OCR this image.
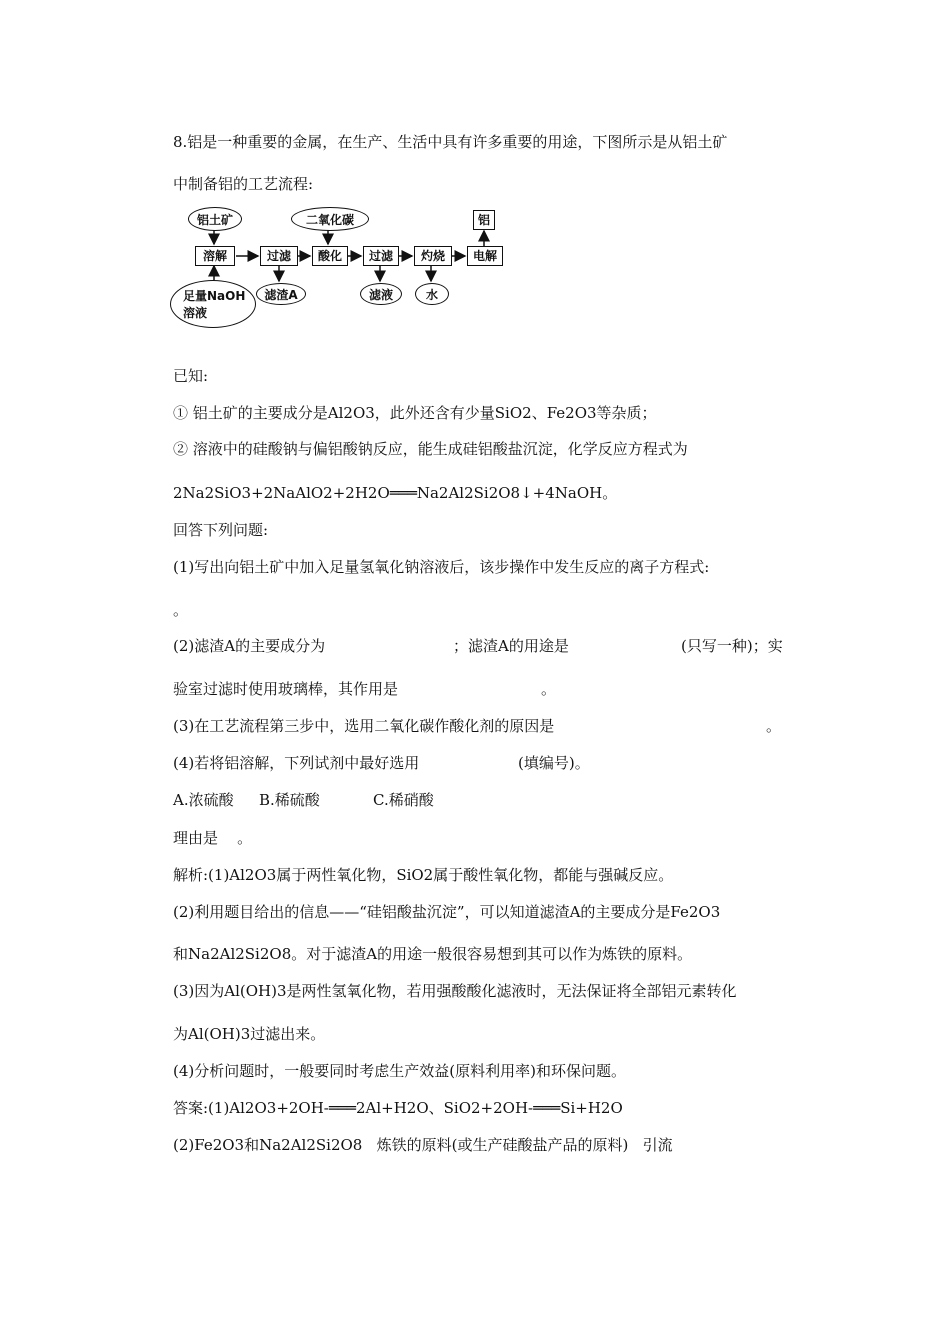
8.铝是一种重要的金属，在生产、生活中具有许多重要的用途，下图所示是从铝土矿
中制备铝的工艺流程:
铝土矿	二氧化碳	铝
溶解	过滤	酸化	过滤	灼烧	电解
足量NaOH
溶液
滤渣A	滤液	水
已知:
① 铝土矿的主要成分是Al2O3，此外还含有少量SiO2、Fe2O3等杂质；
② 溶液中的硅酸钠与偏铝酸钠反应，能生成硅铝酸盐沉淀，化学反应方程式为
2Na2SiO3+2NaAlO2+2H2O═══Na2Al2Si2O8↓+4NaOH。
回答下列问题:
(1)写出向铝土矿中加入足量氢氧化钠溶液后，该步操作中发生反应的离子方程式:
。
(2)滤渣A的主要成分为	；滤渣A的用途是	(只写一种)；实
验室过滤时使用玻璃棒，其作用是	。
(3)在工艺流程第三步中，选用二氧化碳作酸化剂的原因是	。
(4)若将铝溶解，下列试剂中最好选用	(填编号)。
A.浓硫酸 B.稀硫酸	C.稀硝酸
理由是    。
解析:(1)Al2O3属于两性氧化物，SiO2属于酸性氧化物，都能与强碱反应。
(2)利用题目给出的信息——“硅铝酸盐沉淀”，可以知道滤渣A的主要成分是Fe2O3
和Na2Al2Si2O8。对于滤渣A的用途一般很容易想到其可以作为炼铁的原料。
(3)因为Al(OH)3是两性氢氧化物，若用强酸酸化滤液时，无法保证将全部铝元素转化
为Al(OH)3过滤出来。
(4)分析问题时，一般要同时考虑生产效益(原料利用率)和环保问题。
答案:(1)Al2O3+2OH-═══2Al+H2O、SiO2+2OH-═══Si+H2O
(2)Fe2O3和Na2Al2Si2O8   炼铁的原料(或生产硅酸盐产品的原料)   引流
